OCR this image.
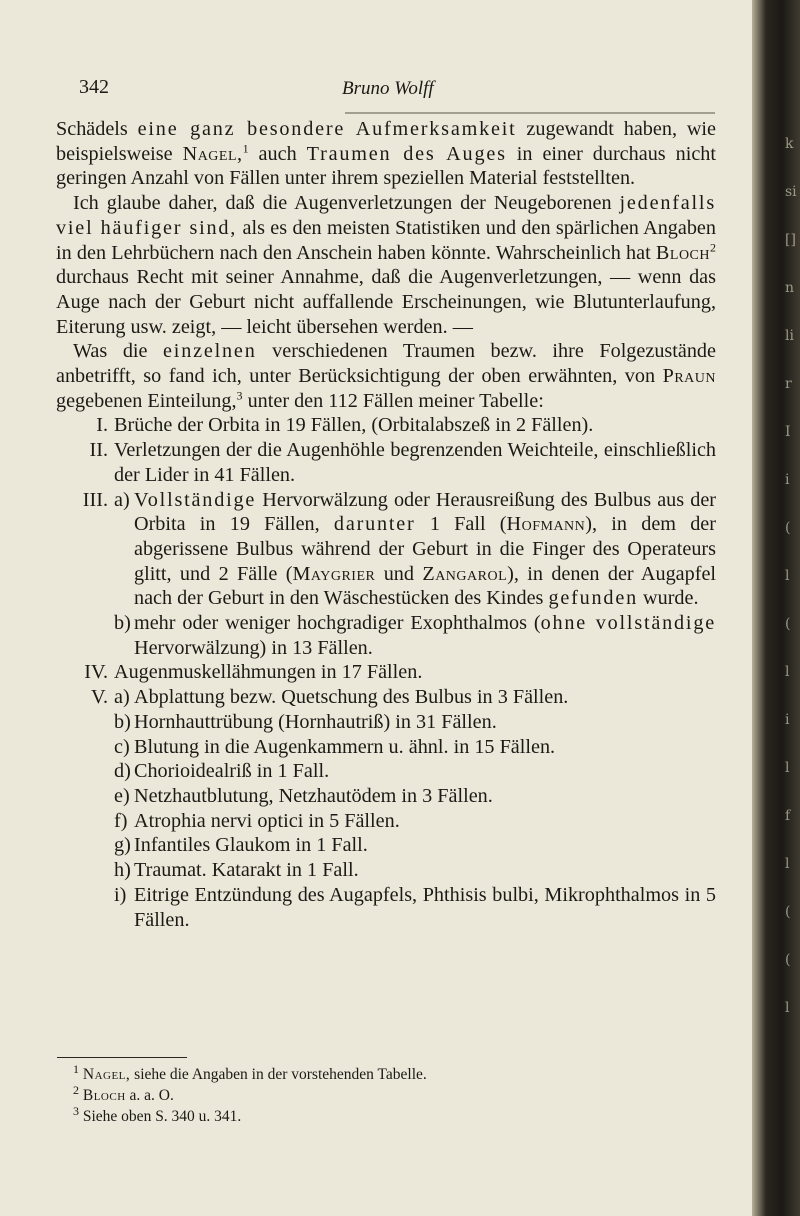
342	Bruno Wolff

Schädels eine ganz besondere Aufmerksamkeit zugewandt haben, wie beispielsweise Nagel,$^1$ auch Traumen des Auges in einer durchaus nicht geringen Anzahl von Fällen unter ihrem speziellen Material feststellten.

Ich glaube daher, daß die Augenverletzungen der Neugeborenen jedenfalls viel häufiger sind, als es den meisten Statistiken und den spärlichen Angaben in den Lehrbüchern nach den Anschein haben könnte. Wahrscheinlich hat Bloch$^2$ durchaus Recht mit seiner Annahme, daß die Augenverletzungen, — wenn das Auge nach der Geburt nicht auffallende Erscheinungen, wie Blutunterlaufung, Eiterung usw. zeigt, — leicht übersehen werden. —

Was die einzelnen verschiedenen Traumen bezw. ihre Folgezustände anbetrifft, so fand ich, unter Berücksichtigung der oben erwähnten, von Praun gegebenen Einteilung,$^3$ unter den 112 Fällen meiner Tabelle:

I. Brüche der Orbita in 19 Fällen, (Orbitalabszeß in 2 Fällen).
II. Verletzungen der die Augenhöhle begrenzenden Weichteile, einschließlich der Lider in 41 Fällen.
III. a) Vollständige Hervorwälzung oder Herausreißung des Bulbus aus der Orbita in 19 Fällen, darunter 1 Fall (Hofmann), in dem der abgerissene Bulbus während der Geburt in die Finger des Operateurs glitt, und 2 Fälle (Maygrier und Zangarol), in denen der Augapfel nach der Geburt in den Wäschestücken des Kindes gefunden wurde.
b) mehr oder weniger hochgradiger Exophthalmos (ohne vollständige Hervorwälzung) in 13 Fällen.
IV. Augenmuskellähmungen in 17 Fällen.
V. a) Abplattung bezw. Quetschung des Bulbus in 3 Fällen.
b) Hornhauttrübung (Hornhautriß) in 31 Fällen.
c) Blutung in die Augenkammern u. ähnl. in 15 Fällen.
d) Chorioidealriß in 1 Fall.
e) Netzhautblutung, Netzhautödem in 3 Fällen.
f) Atrophia nervi optici in 5 Fällen.
g) Infantiles Glaukom in 1 Fall.
h) Traumat. Katarakt in 1 Fall.
i) Eitrige Entzündung des Augapfels, Phthisis bulbi, Mikrophthalmos in 5 Fällen.

$^1$ Nagel, siehe die Angaben in der vorstehenden Tabelle.

$^2$ Bloch a. a. O.

$^3$ Siehe oben S. 340 u. 341.

k
si
[]
n
li
r
I
i
(
l
(
l
i
l
f
l
(
(
l
